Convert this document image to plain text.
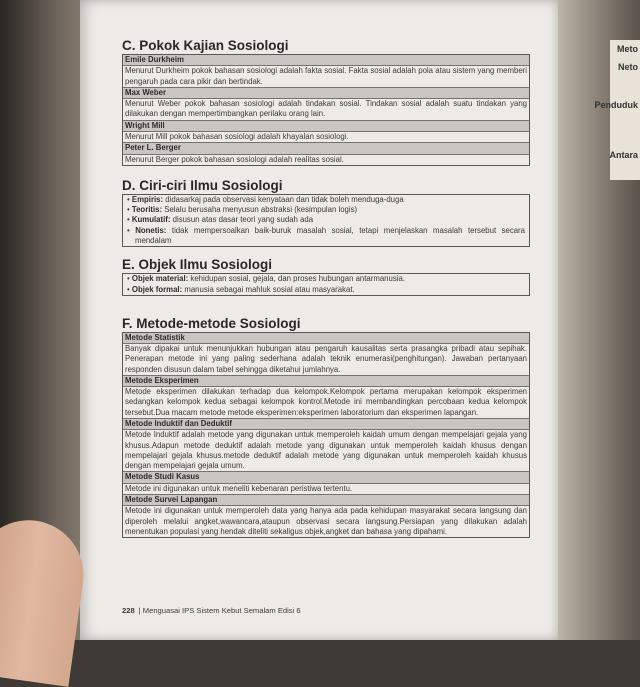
Meto
Neto
Penduduk
Antara
C. Pokok Kajian Sosiologi
Emile Durkheim
Menurut Durkheim pokok bahasan sosiologi adalah fakta sosial. Fakta sosial adalah pola atau sistem yang memberi pengaruh pada cara pikir dan bertindak.
Max Weber
Menurut Weber pokok bahasan sosiologi adalah tindakan sosial. Tindakan sosial adalah suatu tindakan yang dilakukan dengan mempertimbangkan perilaku orang lain.
Wright Mill
Menurut Mill pokok bahasan sosiologi adalah khayalan sosiologi.
Peter L. Berger
Menurut Berger pokok bahasan sosiologi adalah realitas sosial.
D. Ciri-ciri Ilmu Sosiologi
• Empiris: didasarkaj pada observasi kenyataan dan tidak boleh menduga-duga
• Teoritis: Selalu berusaha menyusun abstraksi (kesimpulan logis)
• Kumulatif: disusun atas dasar teori yang sudah ada
• Nonetis: tidak mempersoalkan baik-buruk masalah sosial, tetapi menjelaskan masalah tersebut secara mendalam
E. Objek Ilmu Sosiologi
• Objek material: kehidupan sosial, gejala, dan proses hubungan antarmanusia.
• Objek formal: manusia sebagai mahluk sosial atau masyarakat.
F. Metode-metode Sosiologi
Metode Statistik
Banyak dipakai untuk menunjukkan hubungan atau pengaruh kausalitas serta prasangka pribadi atau sepihak. Penerapan metode ini yang paling sederhana adalah teknik enumerasi(penghitungan). Jawaban pertanyaan responden disusun dalam tabel sehingga diketahui jumlahnya.
Metode Eksperimen
Metode eksperimen dilakukan terhadap dua kelompok.Kelompok pertama merupakan kelompok eksperimen sedangkan kelompok kedua sebagai kelompok kontrol.Metode ini membandingkan percobaan kedua kelompok tersebut.Dua macam metode metode eksperimen:eksperimen laboratorium dan eksperimen lapangan.
Metode Induktif dan Deduktif
Metode Induktif adalah metode yang digunakan untuk memperoleh kaidah umum dengan mempelajari gejala yang khusus.Adapun metode deduktif adalah metode yang digunakan untuk memperoleh kaidah khusus dengan mempelajari gejala khusus.metode deduktif adalah metode yang digunakan untuk memperoleh kaidah khusus dengan mempelajari gejala umum.
Metode Studi Kasus
Metode ini digunakan untuk meneliti kebenaran peristiwa tertentu.
Metode Survei Lapangan
Metode ini digunakan untuk memperoleh data yang hanya ada pada kehidupan masyarakat secara langsung dan diperoleh melalui angket,wawancara,ataupun observasi secara langsung.Persiapan yang dilakukan adalah menentukan populasi yang hendak diteliti sekaligus objek,angket dan bahasa yang dipahami.
228 | Menguasai IPS Sistem Kebut Semalam Edisi 6
